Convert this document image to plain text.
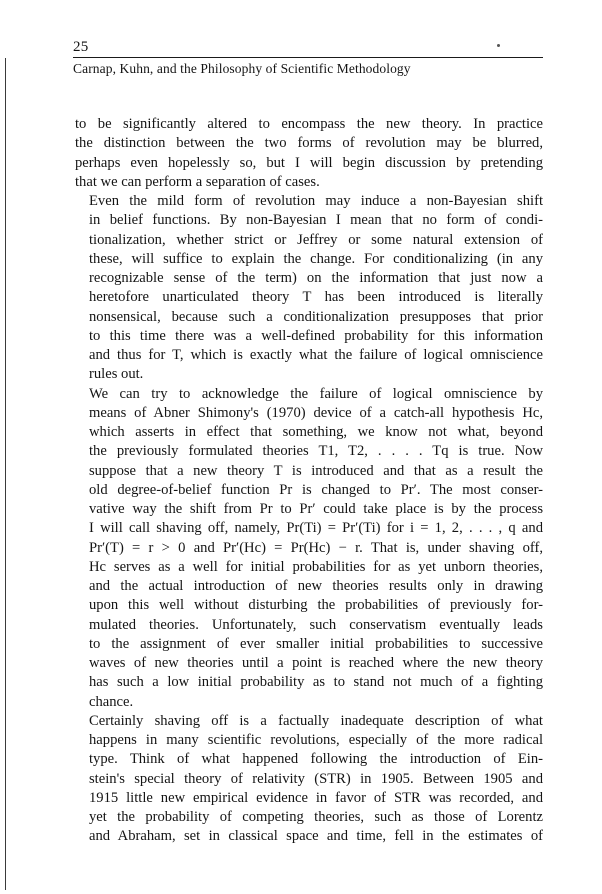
25
Carnap, Kuhn, and the Philosophy of Scientific Methodology

to be significantly altered to encompass the new theory. In practice
the distinction between the two forms of revolution may be blurred,
perhaps even hopelessly so, but I will begin discussion by pretending
that we can perform a separation of cases.

Even the mild form of revolution may induce a non-Bayesian shift
in belief functions. By non-Bayesian I mean that no form of condi-
tionalization, whether strict or Jeffrey or some natural extension of
these, will suffice to explain the change. For conditionalizing (in any
recognizable sense of the term) on the information that just now a
heretofore unarticulated theory T has been introduced is literally
nonsensical, because such a conditionalization presupposes that prior
to this time there was a well-defined probability for this information
and thus for T, which is exactly what the failure of logical omniscience
rules out.

We can try to acknowledge the failure of logical omniscience by
means of Abner Shimony's (1970) device of a catch-all hypothesis Hc,
which asserts in effect that something, we know not what, beyond
the previously formulated theories T1, T2, . . . . Tq is true. Now
suppose that a new theory T is introduced and that as a result the
old degree-of-belief function Pr is changed to Pr′. The most conser-
vative way the shift from Pr to Pr′ could take place is by the process
I will call shaving off, namely, Pr(Ti) = Pr′(Ti) for i = 1, 2, . . . , q and
Pr′(T) = r > 0 and Pr′(Hc) = Pr(Hc) − r. That is, under shaving off,
Hc serves as a well for initial probabilities for as yet unborn theories,
and the actual introduction of new theories results only in drawing
upon this well without disturbing the probabilities of previously for-
mulated theories. Unfortunately, such conservatism eventually leads
to the assignment of ever smaller initial probabilities to successive
waves of new theories until a point is reached where the new theory
has such a low initial probability as to stand not much of a fighting
chance.

Certainly shaving off is a factually inadequate description of what
happens in many scientific revolutions, especially of the more radical
type. Think of what happened following the introduction of Ein-
stein's special theory of relativity (STR) in 1905. Between 1905 and
1915 little new empirical evidence in favor of STR was recorded, and
yet the probability of competing theories, such as those of Lorentz
and Abraham, set in classical space and time, fell in the estimates of
